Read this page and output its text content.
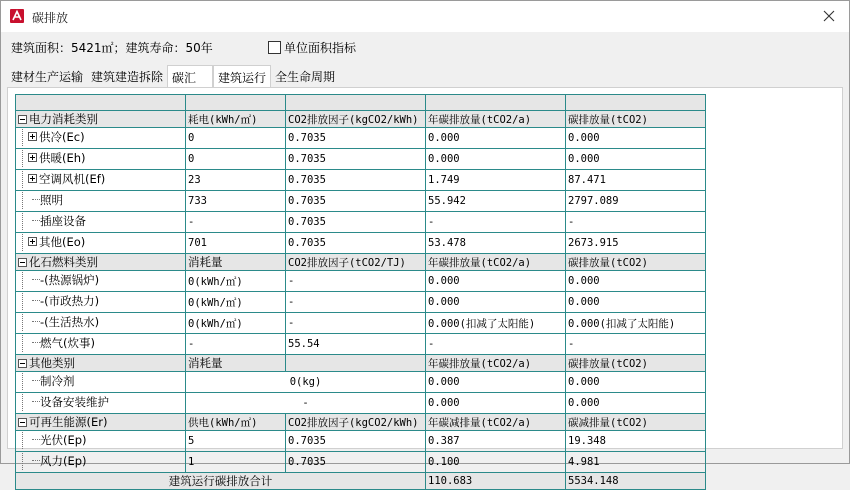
碳排放
建筑面积：5421㎡；建筑寿命：50年	单位面积指标
建材生产运输 建筑建造拆除 碳汇	建筑运行 全生命周期

电力消耗类别	耗电(kWh/㎡)	CO2排放因子(kgCO2/kWh)	年碳排放量(tCO2/a)	碳排放量(tCO2)

供冷(Ec)	0	0.7035	0.000	0.000

供暖(Eh)	0	0.7035	0.000	0.000

空调风机(Ef)	23	0.7035	1.749	87.471

照明	733	0.7035	55.942	2797.089

插座设备	-	0.7035	-	-

其他(Eo)	701	0.7035	53.478	2673.915

化石燃料类别	消耗量	CO2排放因子(tCO2/TJ)	年碳排放量(tCO2/a)	碳排放量(tCO2)

-(热源锅炉)	0(kWh/㎡)	-	0.000	0.000

-(市政热力)	0(kWh/㎡)	-	0.000	0.000

-(生活热水)	0(kWh/㎡)	-	0.000(扣减了太阳能)	0.000(扣减了太阳能)

燃气(炊事)	-	55.54	-	-

其他类别	消耗量		年碳排放量(tCO2/a)	碳排放量(tCO2)

制冷剂	0(kg)		0.000	0.000

设备安装维护	-		0.000	0.000

可再生能源(Er)	供电(kWh/㎡)	CO2排放因子(kgCO2/kWh)	年碳减排量(tCO2/a)	碳减排量(tCO2)

光伏(Ep)	5	0.7035	0.387	19.348

风力(Ep)	1	0.7035	0.100	4.981
建筑运行碳排放合计			110.683	5534.148
